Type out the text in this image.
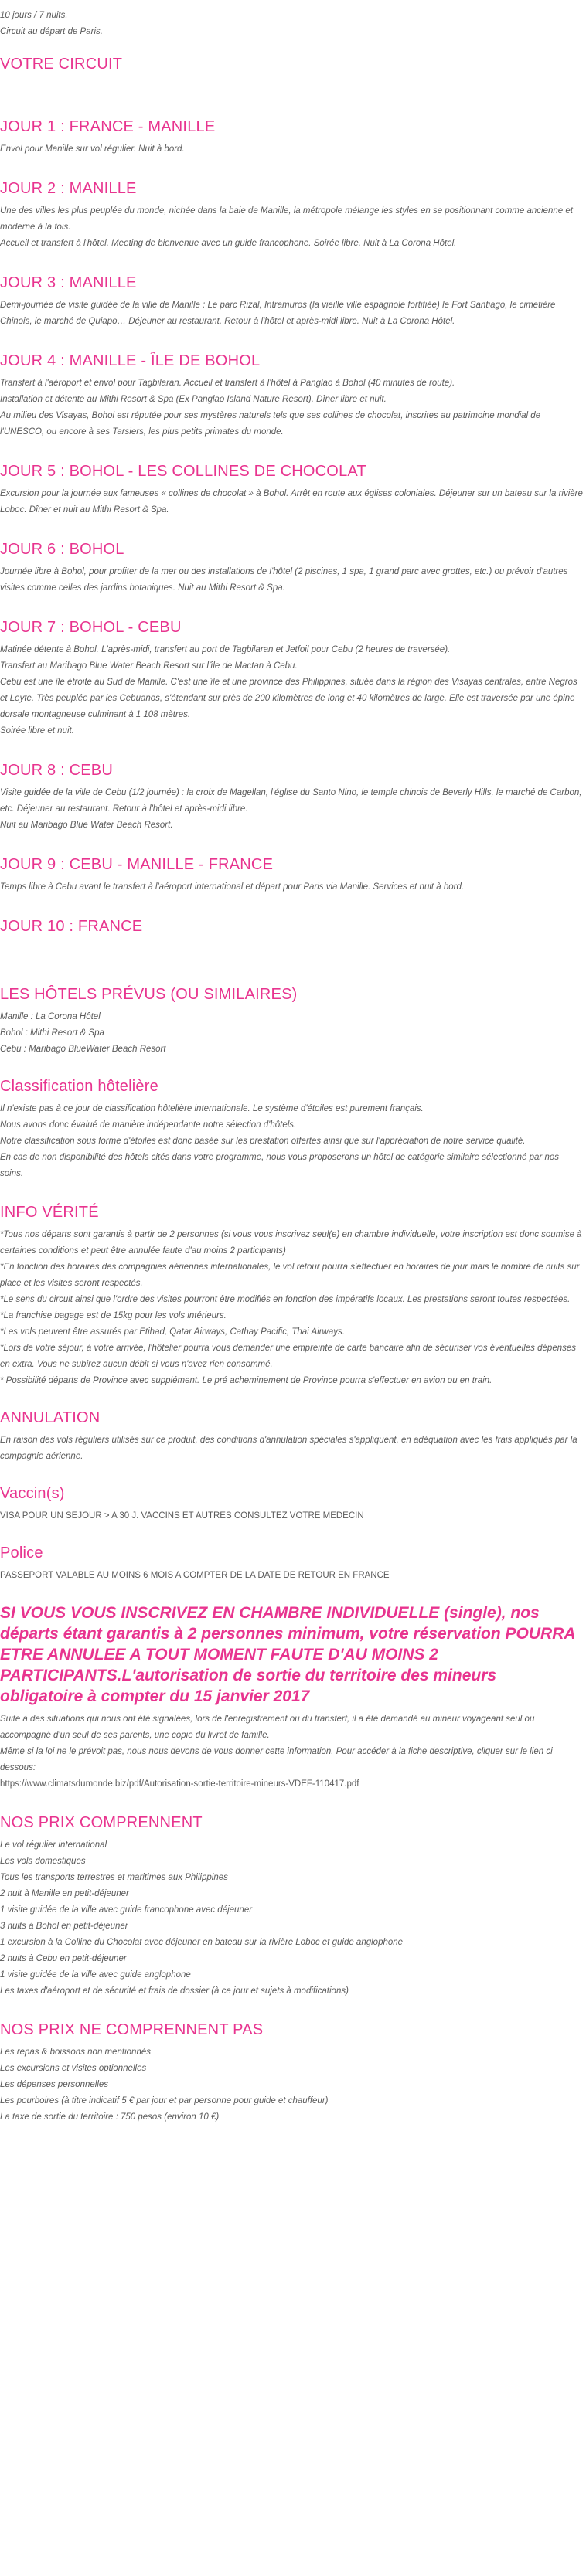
10 jours / 7 nuits.

Circuit au départ de Paris.

VOTRE CIRCUIT
JOUR 1 : FRANCE - MANILLE

Envol pour Manille sur vol régulier. Nuit à bord.

JOUR 2 : MANILLE

Une des villes les plus peuplée du monde, nichée dans la baie de Manille, la métropole mélange les styles en se positionnant comme ancienne et moderne à la fois.

Accueil et transfert à l'hôtel. Meeting de bienvenue avec un guide francophone. Soirée libre. Nuit à La Corona Hôtel.

JOUR 3 : MANILLE

Demi-journée de visite guidée de la ville de Manille : Le parc Rizal, Intramuros (la vieille ville espagnole fortifiée) le Fort Santiago, le cimetière Chinois, le marché de Quiapo… Déjeuner au restaurant. Retour à l'hôtel et après-midi libre. Nuit à La Corona Hôtel.

JOUR 4 : MANILLE - ÎLE DE BOHOL

Transfert à l'aéroport et envol pour Tagbilaran. Accueil et transfert à l'hôtel à Panglao à Bohol (40 minutes de route).

Installation et détente au Mithi Resort & Spa (Ex Panglao Island Nature Resort). Dîner libre et nuit.

Au milieu des Visayas, Bohol est réputée pour ses mystères naturels tels que ses collines de chocolat, inscrites au patrimoine mondial de l'UNESCO, ou encore à ses Tarsiers, les plus petits primates du monde.

JOUR 5 : BOHOL - LES COLLINES DE CHOCOLAT

Excursion pour la journée aux fameuses « collines de chocolat » à Bohol. Arrêt en route aux églises coloniales. Déjeuner sur un bateau sur la rivière Loboc. Dîner et nuit au Mithi Resort & Spa.

JOUR 6 : BOHOL

Journée libre à Bohol, pour profiter de la mer ou des installations de l'hôtel (2 piscines, 1 spa, 1 grand parc avec grottes, etc.) ou prévoir d'autres visites comme celles des jardins botaniques. Nuit au Mithi Resort & Spa.

JOUR 7 : BOHOL - CEBU

Matinée détente à Bohol. L'après-midi, transfert au port de Tagbilaran et Jetfoil pour Cebu (2 heures de traversée).

Transfert au Maribago Blue Water Beach Resort sur l'île de Mactan à Cebu.

Cebu est une île étroite au Sud de Manille. C'est une île et une province des Philippines, située dans la région des Visayas centrales, entre Negros et Leyte. Très peuplée par les Cebuanos, s'étendant sur près de 200 kilomètres de long et 40 kilomètres de large. Elle est traversée par une épine dorsale montagneuse culminant à 1 108 mètres.

Soirée libre et nuit.

JOUR 8 : CEBU

Visite guidée de la ville de Cebu (1/2 journée) : la croix de Magellan, l'église du Santo Nino, le temple chinois de Beverly Hills, le marché de Carbon, etc. Déjeuner au restaurant. Retour à l'hôtel et après-midi libre.

Nuit au Maribago Blue Water Beach Resort.

JOUR 9 : CEBU - MANILLE - FRANCE

Temps libre à Cebu avant le transfert à l'aéroport international et départ pour Paris via Manille. Services et nuit à bord.

JOUR 10 : FRANCE
LES HÔTELS PRÉVUS (OU SIMILAIRES)

Manille : La Corona Hôtel

Bohol : Mithi Resort & Spa

Cebu : Maribago BlueWater Beach Resort

Classification hôtelière

Il n'existe pas à ce jour de classification hôtelière internationale. Le système d'étoiles est purement français.

Nous avons donc évalué de manière indépendante notre sélection d'hôtels.

Notre classification sous forme d'étoiles est donc basée sur les prestation offertes ainsi que sur l'appréciation de notre service qualité.

En cas de non disponibilité des hôtels cités dans votre programme, nous vous proposerons un hôtel de catégorie similaire sélectionné par nos soins.

INFO VÉRITÉ

*Tous nos départs sont garantis à partir de 2 personnes (si vous vous inscrivez seul(e) en chambre individuelle, votre inscription est donc soumise à certaines conditions et peut être annulée faute d'au moins 2 participants)

*En fonction des horaires des compagnies aériennes internationales, le vol retour pourra s'effectuer en horaires de jour mais le nombre de nuits sur place et les visites seront respectés.

*Le sens du circuit ainsi que l'ordre des visites pourront être modifiés en fonction des impératifs locaux. Les prestations seront toutes respectées.

*La franchise bagage est de 15kg pour les vols intérieurs.

*Les vols peuvent être assurés par Etihad, Qatar Airways, Cathay Pacific, Thai Airways.

*Lors de votre séjour, à votre arrivée, l'hôtelier pourra vous demander une empreinte de carte bancaire afin de sécuriser vos éventuelles dépenses en extra. Vous ne subirez aucun débit si vous n'avez rien consommé.

* Possibilité départs de Province avec supplément. Le pré acheminement de Province pourra s'effectuer en avion ou en train.

ANNULATION

En raison des vols réguliers utilisés sur ce produit, des conditions d'annulation spéciales s'appliquent, en adéquation avec les frais appliqués par la compagnie aérienne.

Vaccin(s)

VISA POUR UN SEJOUR > A 30 J. VACCINS ET AUTRES CONSULTEZ VOTRE MEDECIN

Police

PASSEPORT VALABLE AU MOINS 6 MOIS A COMPTER DE LA DATE DE RETOUR EN FRANCE

SI VOUS VOUS INSCRIVEZ EN CHAMBRE INDIVIDUELLE (single), nos départs étant garantis à 2 personnes minimum, votre réservation POURRA ETRE ANNULEE A TOUT MOMENT FAUTE D'AU MOINS 2 PARTICIPANTS.L'autorisation de sortie du territoire des mineurs obligatoire à compter du 15 janvier 2017

Suite à des situations qui nous ont été signalées, lors de l'enregistrement ou du transfert, il a été demandé au mineur voyageant seul ou accompagné d'un seul de ses parents, une copie du livret de famille.

Même si la loi ne le prévoit pas, nous nous devons de vous donner cette information. Pour accéder à la fiche descriptive, cliquer sur le lien ci dessous:

https://www.climatsdumonde.biz/pdf/Autorisation-sortie-territoire-mineurs-VDEF-110417.pdf

NOS PRIX COMPRENNENT
Le vol régulier international
Les vols domestiques
Tous les transports terrestres et maritimes aux Philippines
2 nuit à Manille en petit-déjeuner
1 visite guidée de la ville avec guide francophone avec déjeuner
3 nuits à Bohol en petit-déjeuner
1 excursion à la Colline du Chocolat avec déjeuner en bateau sur la rivière Loboc et guide anglophone
2 nuits à Cebu en petit-déjeuner
1 visite guidée de la ville avec guide anglophone
Les taxes d'aéroport et de sécurité et frais de dossier (à ce jour et sujets à modifications)
NOS PRIX NE COMPRENNENT PAS
Les repas & boissons non mentionnés
Les excursions et visites optionnelles
Les dépenses personnelles
Les pourboires (à titre indicatif 5 € par jour et par personne pour guide et chauffeur)
La taxe de sortie du territoire : 750 pesos (environ 10 €)
